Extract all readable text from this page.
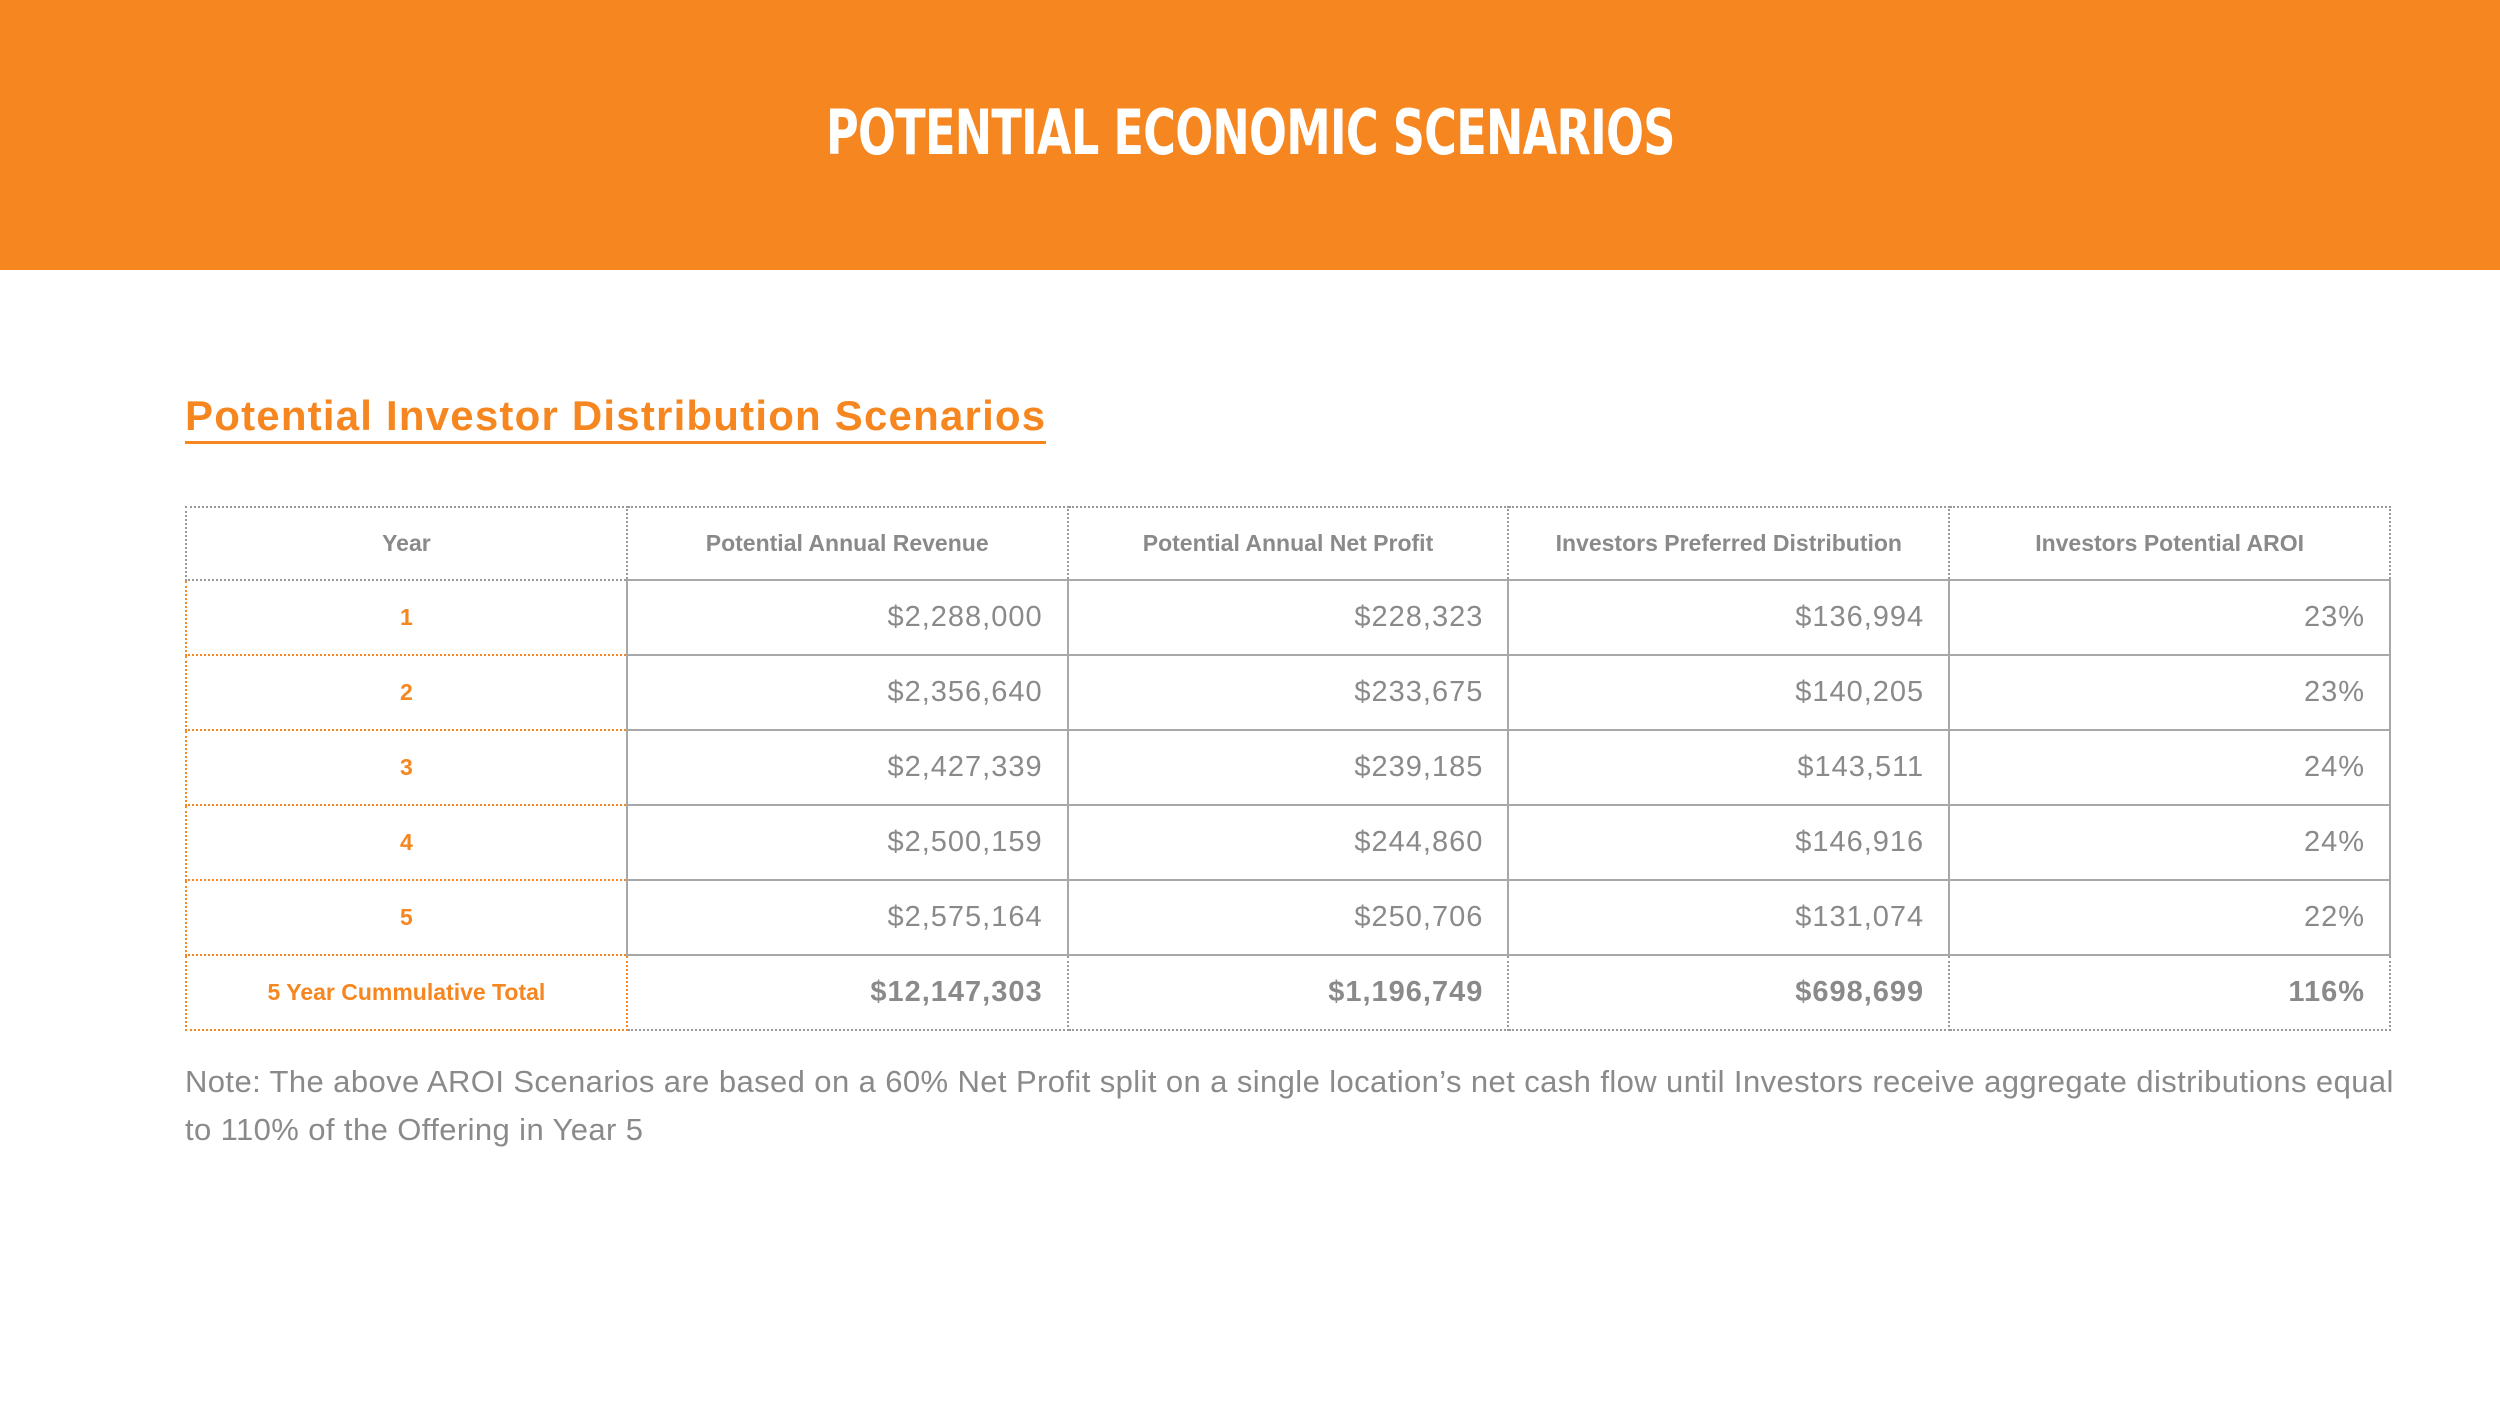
POTENTIAL ECONOMIC SCENARIOS
Potential Investor Distribution Scenarios
Year	Potential Annual Revenue	Potential Annual Net Profit	Investors Preferred Distribution	Investors Potential AROI
1	$2,288,000	$228,323	$136,994	23%
2	$2,356,640	$233,675	$140,205	23%
3	$2,427,339	$239,185	$143,511	24%
4	$2,500,159	$244,860	$146,916	24%
5	$2,575,164	$250,706	$131,074	22%
5 Year Cummulative Total	$12,147,303	$1,196,749	$698,699	116%
Note: The above AROI Scenarios are based on a 60% Net Profit split on a single location’s net cash flow until Investors receive aggregate distributions equal to 110% of the Offering in Year 5
